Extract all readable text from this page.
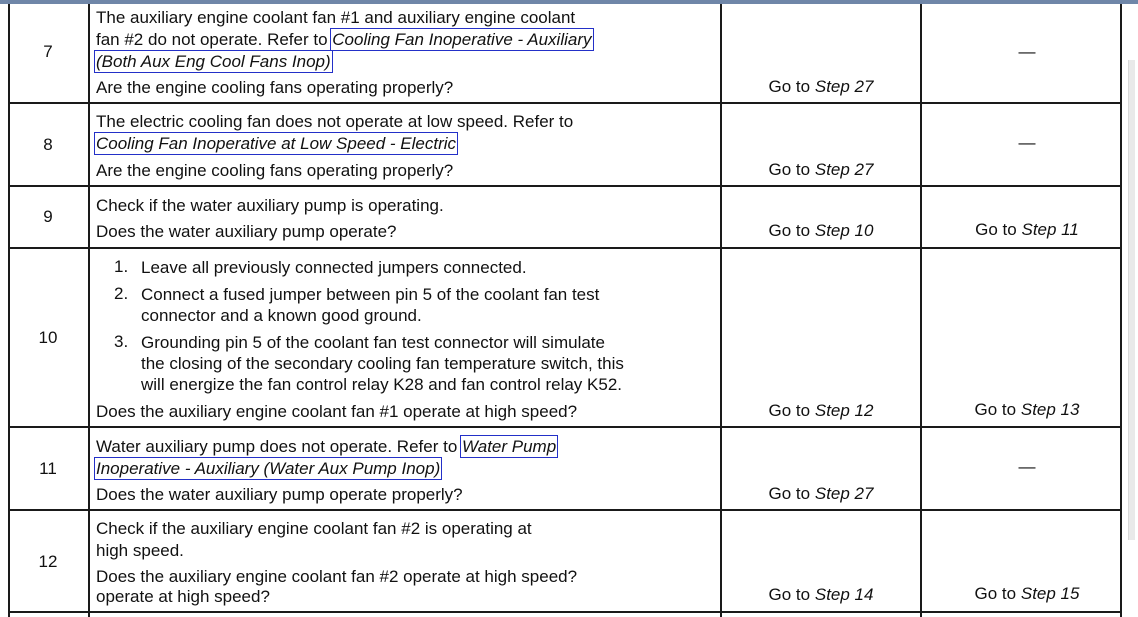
7
The auxiliary engine coolant fan #1 and auxiliary engine coolant
fan #2 do not operate. Refer to Cooling Fan Inoperative - Auxiliary
(Both Aux Eng Cool Fans Inop)
Are the engine cooling fans operating properly?	Go to Step 27
—
8
The electric cooling fan does not operate at low speed. Refer to
Cooling Fan Inoperative at Low Speed - Electric
Are the engine cooling fans operating properly?	Go to Step 27
—
9
Check if the water auxiliary pump is operating.
Does the water auxiliary pump operate?	Go to Step 10	Go to Step 11
10
1. Leave all previously connected jumpers connected.
2. Connect a fused jumper between pin 5 of the coolant fan test
connector and a known good ground.
3. Grounding pin 5 of the coolant fan test connector will simulate
the closing of the secondary cooling fan temperature switch, this
will energize the fan control relay K28 and fan control relay K52.
Does the auxiliary engine coolant fan #1 operate at high speed?	Go to Step 12	Go to Step 13
11
Water auxiliary pump does not operate. Refer to Water Pump
Inoperative - Auxiliary (Water Aux Pump Inop)
Does the water auxiliary pump operate properly?	Go to Step 27
—
12
Check if the auxiliary engine coolant fan #2 is operating at
high speed.
Does the auxiliary engine coolant fan #2 operate at high speed?
operate at high speed?	Go to Step 14	Go to Step 15
